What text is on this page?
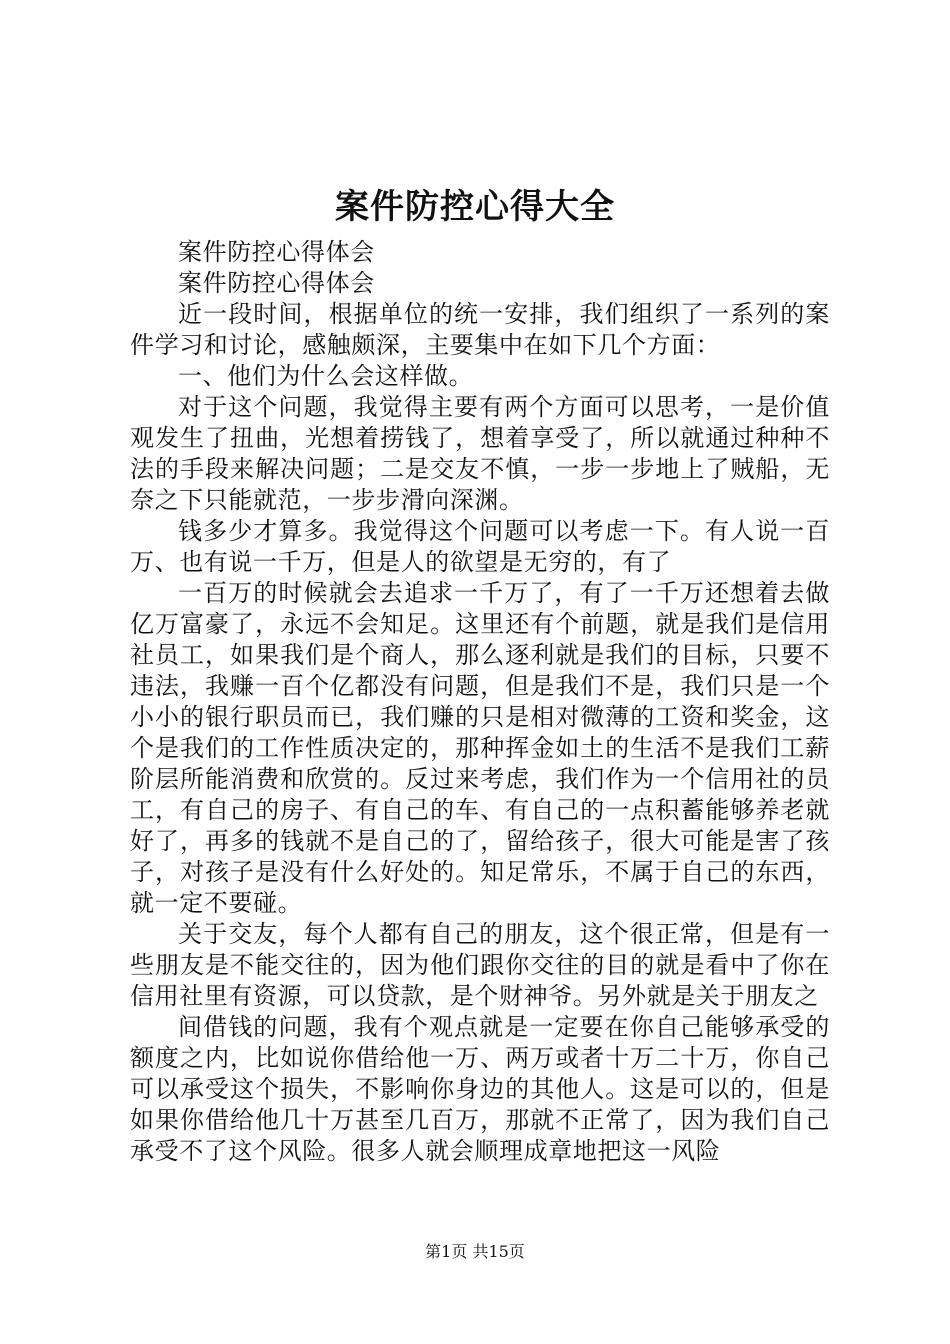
案件防控心得大全

案件防控心得体会

案件防控心得体会

近一段时间，根据单位的统一安排，我们组织了一系列的案件学习和讨论，感触颇深，主要集中在如下几个方面：

一、他们为什么会这样做。

对于这个问题，我觉得主要有两个方面可以思考，一是价值观发生了扭曲，光想着捞钱了，想着享受了，所以就通过种种不法的手段来解决问题；二是交友不慎，一步一步地上了贼船，无奈之下只能就范，一步步滑向深渊。

钱多少才算多。我觉得这个问题可以考虑一下。有人说一百万、也有说一千万，但是人的欲望是无穷的，有了

一百万的时候就会去追求一千万了，有了一千万还想着去做亿万富豪了，永远不会知足。这里还有个前题，就是我们是信用社员工，如果我们是个商人，那么逐利就是我们的目标，只要不违法，我赚一百个亿都没有问题，但是我们不是，我们只是一个小小的银行职员而已，我们赚的只是相对微薄的工资和奖金，这个是我们的工作性质决定的，那种挥金如土的生活不是我们工薪阶层所能消费和欣赏的。反过来考虑，我们作为一个信用社的员工，有自己的房子、有自己的车、有自己的一点积蓄能够养老就好了，再多的钱就不是自己的了，留给孩子，很大可能是害了孩子，对孩子是没有什么好处的。知足常乐，不属于自己的东西，就一定不要碰。

关于交友，每个人都有自己的朋友，这个很正常，但是有一些朋友是不能交往的，因为他们跟你交往的目的就是看中了你在信用社里有资源，可以贷款，是个财神爷。另外就是关于朋友之

间借钱的问题，我有个观点就是一定要在你自己能够承受的额度之内，比如说你借给他一万、两万或者十万二十万，你自己可以承受这个损失，不影响你身边的其他人。这是可以的，但是如果你借给他几十万甚至几百万，那就不正常了，因为我们自己承受不了这个风险。很多人就会顺理成章地把这一风险

第1页 共15页
